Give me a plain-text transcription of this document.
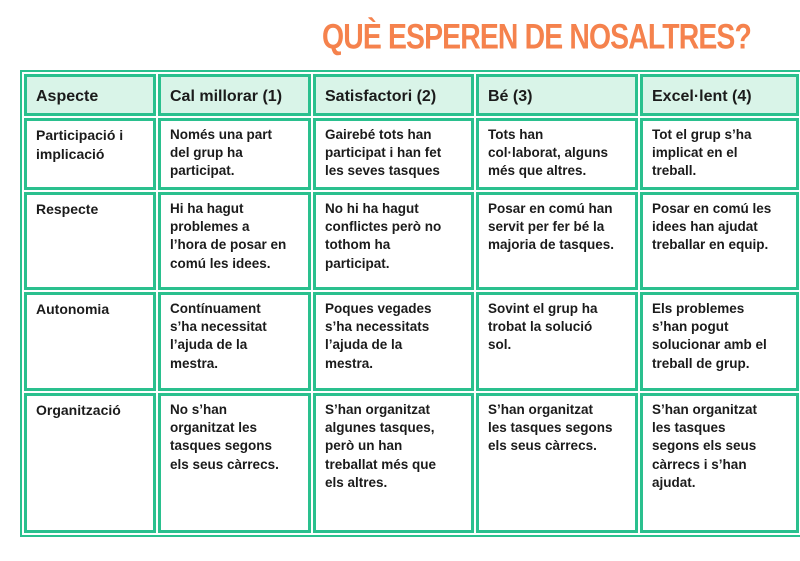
QUÈ ESPEREN DE NOSALTRES?
Aspecte	Cal millorar (1)	Satisfactori (2)	Bé (3)	Excel·lent (4)
Participació i implicació	Només una part del grup ha participat.	Gairebé tots han participat i han fet les seves tasques	Tots han col·laborat, alguns més que altres.	Tot el grup s’ha implicat en el treball.
Respecte	Hi ha hagut problemes a l’hora de posar en comú les idees.	No hi ha hagut conflictes però no tothom ha participat.	Posar en comú han servit per fer bé la majoria de tasques.	Posar en comú les idees han ajudat treballar en equip.
Autonomia	Contínuament s’ha necessitat l’ajuda de la mestra.	Poques vegades s’ha necessitats l’ajuda de la mestra.	Sovint el grup ha trobat la solució sol.	Els problemes s’han pogut solucionar amb el treball de grup.
Organització	No s’han organitzat les tasques segons els seus càrrecs.	S’han organitzat algunes tasques, però un han treballat més que els altres.	S’han organitzat les tasques segons els seus càrrecs.	S’han organitzat les tasques segons els seus càrrecs i s’han ajudat.
